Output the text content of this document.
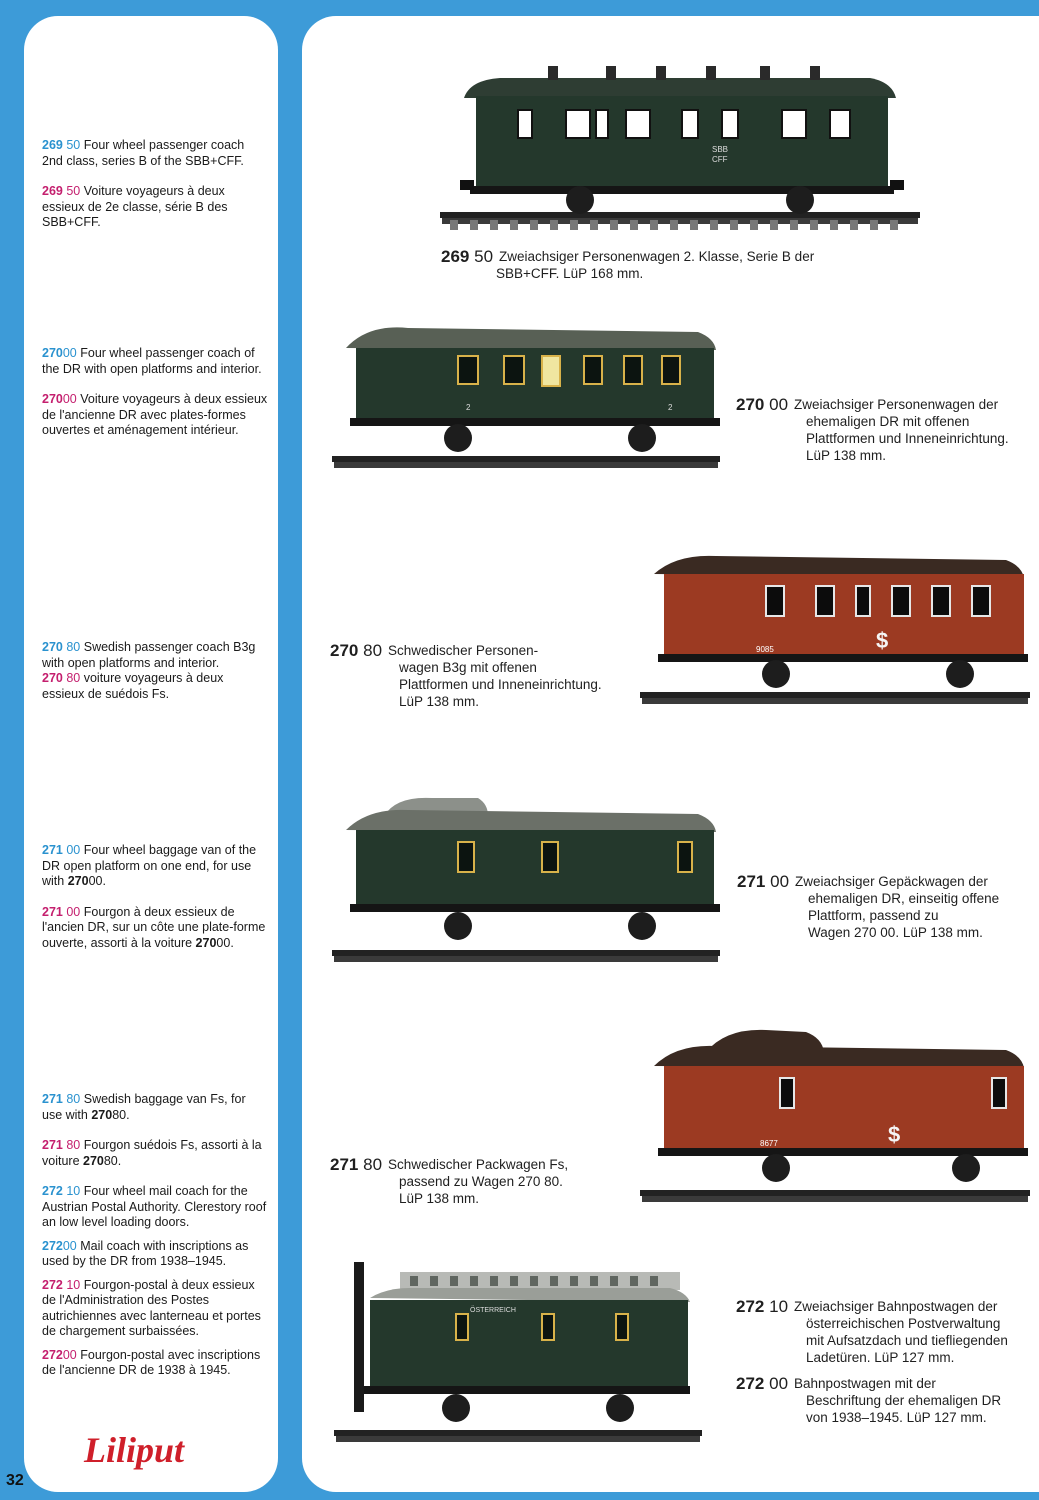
269 50 Four wheel passenger coach 2nd class, series B of the SBB+CFF.

269 50 Voiture voyageurs à deux essieux de 2e classe, série B des SBB+CFF.

27000 Four wheel passenger coach of the DR with open platforms and interior.

27000 Voiture voyageurs à deux essieux de l'ancienne DR avec plates-formes ouvertes et aménagement intérieur.

270 80 Swedish passenger coach B3g with open platforms and interior.

270 80 voiture voyageurs à deux essieux de suédois Fs.

271 00 Four wheel baggage van of the DR open platform on one end, for use with 27000.

271 00 Fourgon à deux essieux de l'ancien DR, sur un côte une plate-forme ouverte, assorti à la voiture 27000.

271 80 Swedish baggage van Fs, for use with 27080.

271 80 Fourgon suédois Fs, assorti à la voiture 27080.

272 10 Four wheel mail coach for the Austrian Postal Authority. Clerestory roof an low level loading doors.

27200 Mail coach with inscriptions as used by the DR from 1938–1945.

272 10 Fourgon-postal à deux essieux de l'Administration des Postes autrichiennes avec lanterneau et portes de chargement surbaissées.

27200 Fourgon-postal avec inscriptions de l'ancienne DR de 1938 à 1945.

Liliput
32
SBB
CFF
269 50 Zweiachsiger Personenwagen 2. Klasse, Serie B der
SBB+CFF. LüP 168 mm.
2	2	270 00 Zweiachsiger Personenwagen der
ehemaligen DR mit offenen
Plattformen und Inneneinrichtung.
LüP 138 mm.
$
9085
270 80 Schwedischer Personen-
wagen B3g mit offenen
Plattformen und Inneneinrichtung.
LüP 138 mm.
271 00 Zweiachsiger Gepäckwagen der
ehemaligen DR, einseitig offene
Plattform, passend zu
Wagen 270 00. LüP 138 mm.
$
8677
271 80 Schwedischer Packwagen Fs,
passend zu Wagen 270 80.
LüP 138 mm.
ÖSTERREICH	272 10 Zweiachsiger Bahnpostwagen der
österreichischen Postverwaltung
mit Aufsatzdach und tiefliegenden
Ladetüren. LüP 127 mm.
272 00 Bahnpostwagen mit der
Beschriftung der ehemaligen DR
von 1938–1945. LüP 127 mm.
